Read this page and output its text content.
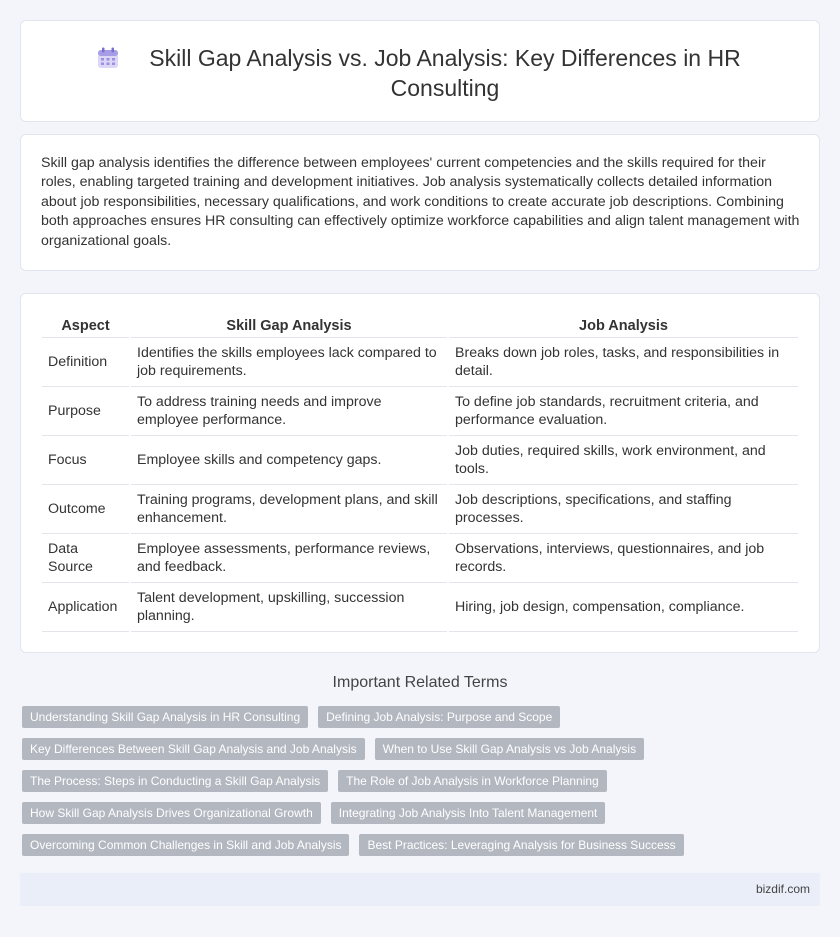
Skill Gap Analysis vs. Job Analysis: Key Differences in HR Consulting

Skill gap analysis identifies the difference between employees' current competencies and the skills required for their roles, enabling targeted training and development initiatives. Job analysis systematically collects detailed information about job responsibilities, necessary qualifications, and work conditions to create accurate job descriptions. Combining both approaches ensures HR consulting can effectively optimize workforce capabilities and align talent management with organizational goals.

Aspect	Skill Gap Analysis	Job Analysis
Definition	Identifies the skills employees lack compared to job requirements.	Breaks down job roles, tasks, and responsibilities in detail.
Purpose	To address training needs and improve employee performance.	To define job standards, recruitment criteria, and performance evaluation.
Focus	Employee skills and competency gaps.	Job duties, required skills, work environment, and tools.
Outcome	Training programs, development plans, and skill enhancement.	Job descriptions, specifications, and staffing processes.
Data Source	Employee assessments, performance reviews, and feedback.	Observations, interviews, questionnaires, and job records.
Application	Talent development, upskilling, succession planning.	Hiring, job design, compensation, compliance.
Important Related Terms
Understanding Skill Gap Analysis in HR Consulting	Defining Job Analysis: Purpose and Scope
Key Differences Between Skill Gap Analysis and Job Analysis	When to Use Skill Gap Analysis vs Job Analysis
The Process: Steps in Conducting a Skill Gap Analysis	The Role of Job Analysis in Workforce Planning
How Skill Gap Analysis Drives Organizational Growth	Integrating Job Analysis Into Talent Management
Overcoming Common Challenges in Skill and Job Analysis	Best Practices: Leveraging Analysis for Business Success
bizdif.com
